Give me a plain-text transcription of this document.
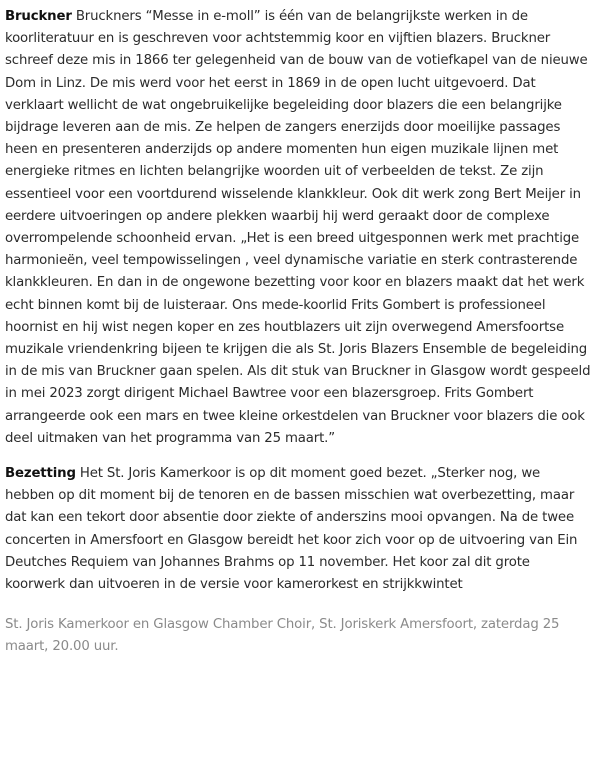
Bruckner Bruckners “Messe in e-moll” is één van de belangrijkste werken in de koorliteratuur en is geschreven voor achtstemmig koor en vijftien blazers. Bruckner schreef deze mis in 1866 ter gelegenheid van de bouw van de votiefkapel van de nieuwe Dom in Linz. De mis werd voor het eerst in 1869 in de open lucht uitgevoerd. Dat verklaart wellicht de wat ongebruikelijke begeleiding door blazers die een belangrijke bijdrage leveren aan de mis. Ze helpen de zangers enerzijds door moeilijke passages heen en presenteren anderzijds op andere momenten hun eigen muzikale lijnen met energieke ritmes en lichten belangrijke woorden uit of verbeelden de tekst. Ze zijn essentieel voor een voortdurend wisselende klankkleur. Ook dit werk zong Bert Meijer in eerdere uitvoeringen op andere plekken waarbij hij werd geraakt door de complexe overrompelende schoonheid ervan. „Het is een breed uitgesponnen werk met prachtige harmonieën, veel tempowisselingen , veel dynamische variatie en sterk contrasterende klankkleuren. En dan in de ongewone bezetting voor koor en blazers maakt dat het werk echt binnen komt bij de luisteraar. Ons mede-koorlid Frits Gombert is professioneel hoornist en hij wist negen koper en zes houtblazers uit zijn overwegend Amersfoortse muzikale vriendenkring bijeen te krijgen die als St. Joris Blazers Ensemble de begeleiding in de mis van Bruckner gaan spelen. Als dit stuk van Bruckner in Glasgow wordt gespeeld in mei 2023 zorgt dirigent Michael Bawtree voor een blazersgroep. Frits Gombert arrangeerde ook een mars en twee kleine orkestdelen van Bruckner voor blazers die ook deel uitmaken van het programma van 25 maart.”

Bezetting Het St. Joris Kamerkoor is op dit moment goed bezet. „Sterker nog, we hebben op dit moment bij de tenoren en de bassen misschien wat overbezetting, maar dat kan een tekort door absentie door ziekte of anderszins mooi opvangen. Na de twee concerten in Amersfoort en Glasgow bereidt het koor zich voor op de uitvoering van Ein Deutches Requiem van Johannes Brahms op 11 november. Het koor zal dit grote koorwerk dan uitvoeren in de versie voor kamerorkest en strijkkwintet

St. Joris Kamerkoor en Glasgow Chamber Choir, St. Joriskerk Amersfoort, zaterdag 25 maart, 20.00 uur.
